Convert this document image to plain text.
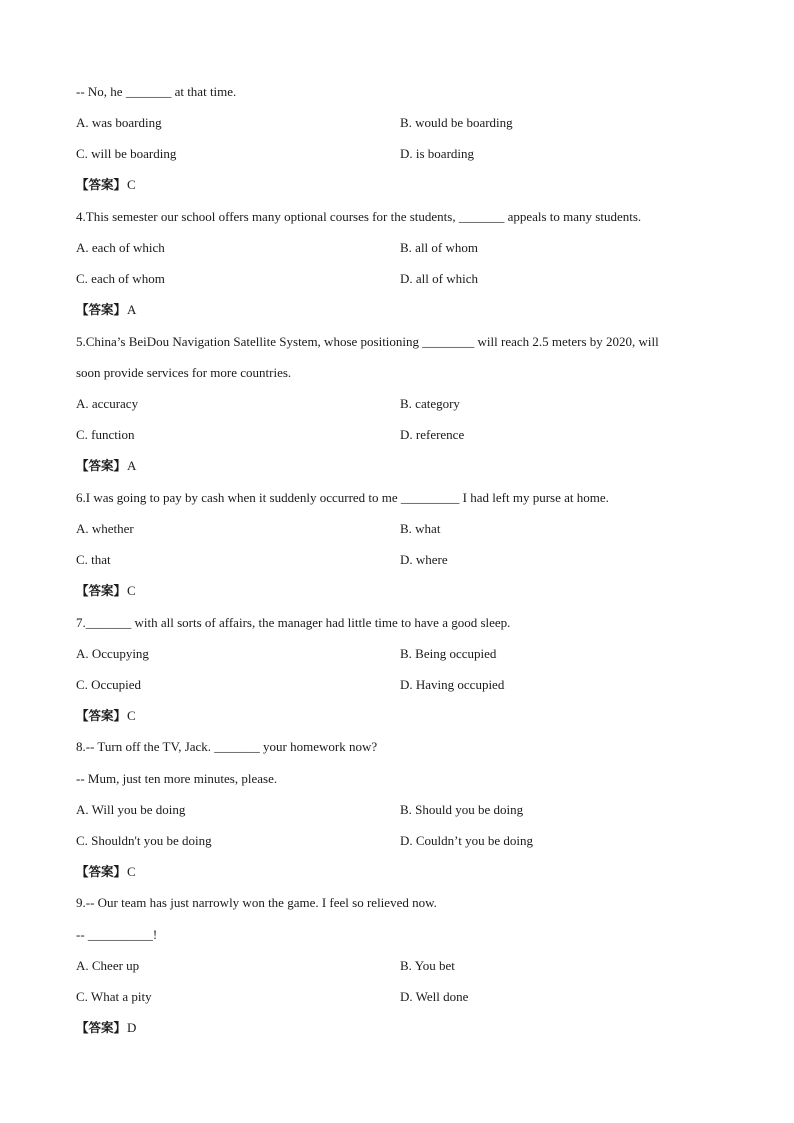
-- No, he _______ at that time.
A. was boarding	B. would be boarding
C. will be boarding	D. is boarding
【答案】C
4.This semester our school offers many optional courses for the students, _______ appeals to many students.
A. each of which	B. all of whom
C. each of whom	D. all of which
【答案】A
5.China’s BeiDou Navigation Satellite System, whose positioning ________ will reach 2.5 meters by 2020, will
soon provide services for more countries.
A. accuracy	B. category
C. function	D. reference
【答案】A
6.I was going to pay by cash when it suddenly occurred to me _________ I had left my purse at home.
A. whether	B. what
C. that	D. where
【答案】C
7._______ with all sorts of affairs, the manager had little time to have a good sleep.
A. Occupying	B. Being occupied
C. Occupied	D. Having occupied
【答案】C
8.-- Turn off the TV, Jack. _______ your homework now?
-- Mum, just ten more minutes, please.
A. Will you be doing	B. Should you be doing
C. Shouldn't you be doing	D. Couldn’t you be doing
【答案】C
9.-- Our team has just narrowly won the game. I feel so relieved now.
-- __________!
A. Cheer up	B. You bet
C. What a pity	D. Well done
【答案】D
